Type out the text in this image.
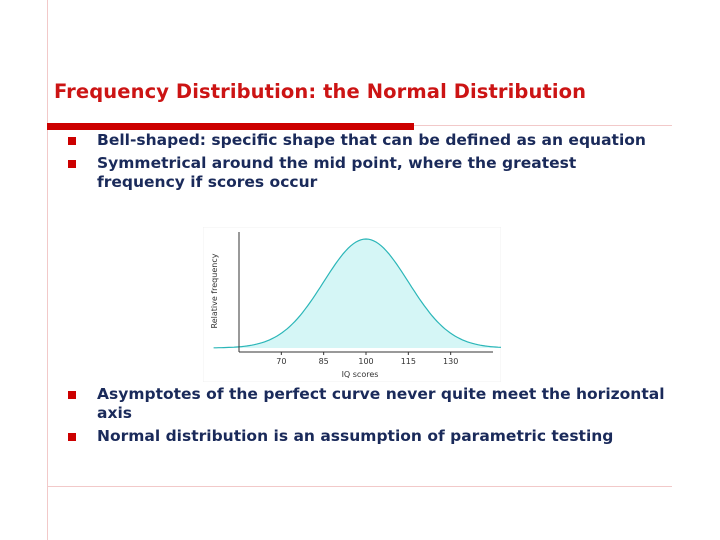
Frequency Distribution: the Normal Distribution
Bell-shaped: specific shape that can be defined as an equation
Symmetrical around the mid point, where the greatest frequency if scores occur
70	85	100	115	130
IQ scores
Relative frequency
Asymptotes of the perfect curve never quite meet the horizontal axis
Normal distribution is an assumption of parametric testing
